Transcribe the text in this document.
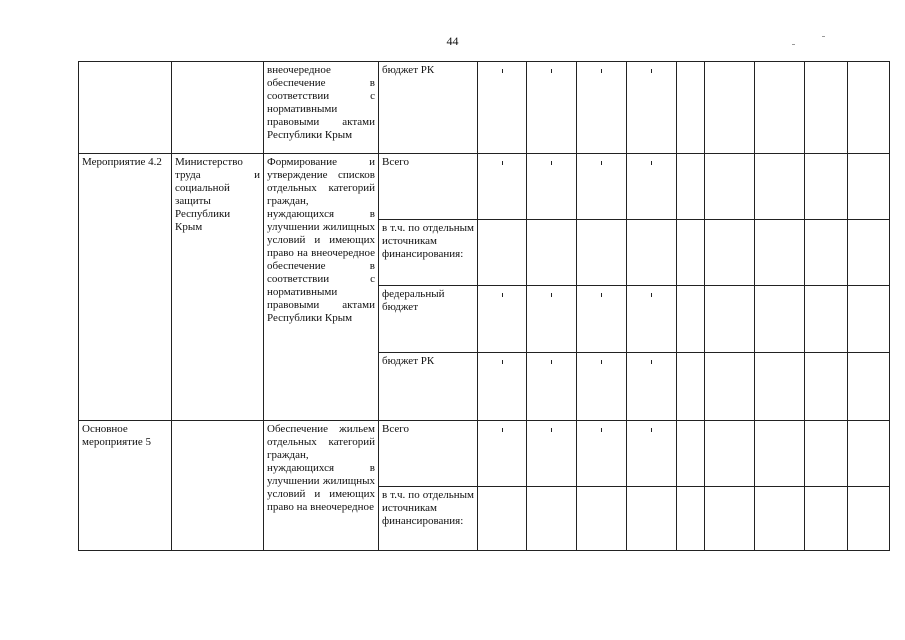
44
		внеочередное обеспечение в соответствии с нормативными правовыми актами Республики Крым	бюджет РК									
Мероприятие 4.2	Министерство труда и социальной защиты Республики Крым	Формирование и утверждение списков отдельных категорий граждан, нуждающихся в улучшении жилищных условий и имеющих право на внеочередное обеспечение в соответствии с нормативными правовыми актами Республики Крым	Всего									
			в т.ч. по отдельным источникам финансирования:									
			федеральный бюджет									
			бюджет РК									
Основное мероприятие 5		Обеспечение жильем отдельных категорий граждан, нуждающихся в улучшении жилищных условий и имеющих право на внеочередное	Всего									
			в т.ч. по отдельным источникам финансирования:									
